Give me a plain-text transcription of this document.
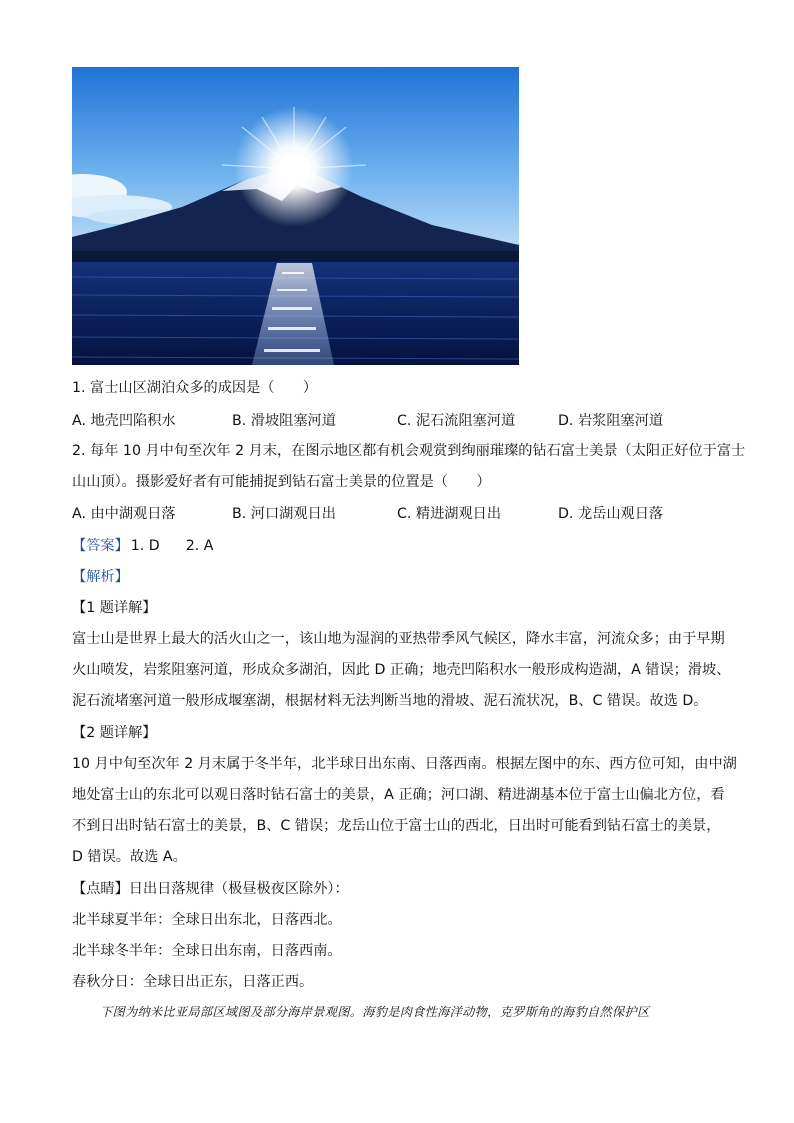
1. 富士山区湖泊众多的成因是（　　）
A. 地壳凹陷积水	B. 滑坡阻塞河道	C. 泥石流阻塞河道	D. 岩浆阻塞河道
2. 每年 10 月中旬至次年 2 月末，在图示地区都有机会观赏到绚丽璀璨的钻石富士美景（太阳正好位于富士
山山顶）。摄影爱好者有可能捕捉到钻石富士美景的位置是（　　）
A. 由中湖观日落	B. 河口湖观日出	C. 精进湖观日出	D. 龙岳山观日落
【答案】 1. D 2. A
【解析】
【1 题详解】
富士山是世界上最大的活火山之一，该山地为湿润的亚热带季风气候区，降水丰富，河流众多；由于早期
火山喷发，岩浆阻塞河道，形成众多湖泊，因此 D 正确；地壳凹陷积水一般形成构造湖，A 错误；滑坡、
泥石流堵塞河道一般形成堰塞湖，根据材料无法判断当地的滑坡、泥石流状况，B、C 错误。故选 D。
【2 题详解】
10 月中旬至次年 2 月末属于冬半年，北半球日出东南、日落西南。根据左图中的东、西方位可知，由中湖
地处富士山的东北可以观日落时钻石富士的美景，A 正确；河口湖、精进湖基本位于富士山偏北方位，看
不到日出时钻石富士的美景，B、C 错误；龙岳山位于富士山的西北，日出时可能看到钻石富士的美景，
D 错误。故选 A。
【点睛】日出日落规律（极昼极夜区除外）：
北半球夏半年：全球日出东北，日落西北。
北半球冬半年：全球日出东南，日落西南。
春秋分日：全球日出正东，日落正西。
下图为纳米比亚局部区域图及部分海岸景观图。海豹是肉食性海洋动物，克罗斯角的海豹自然保护区
